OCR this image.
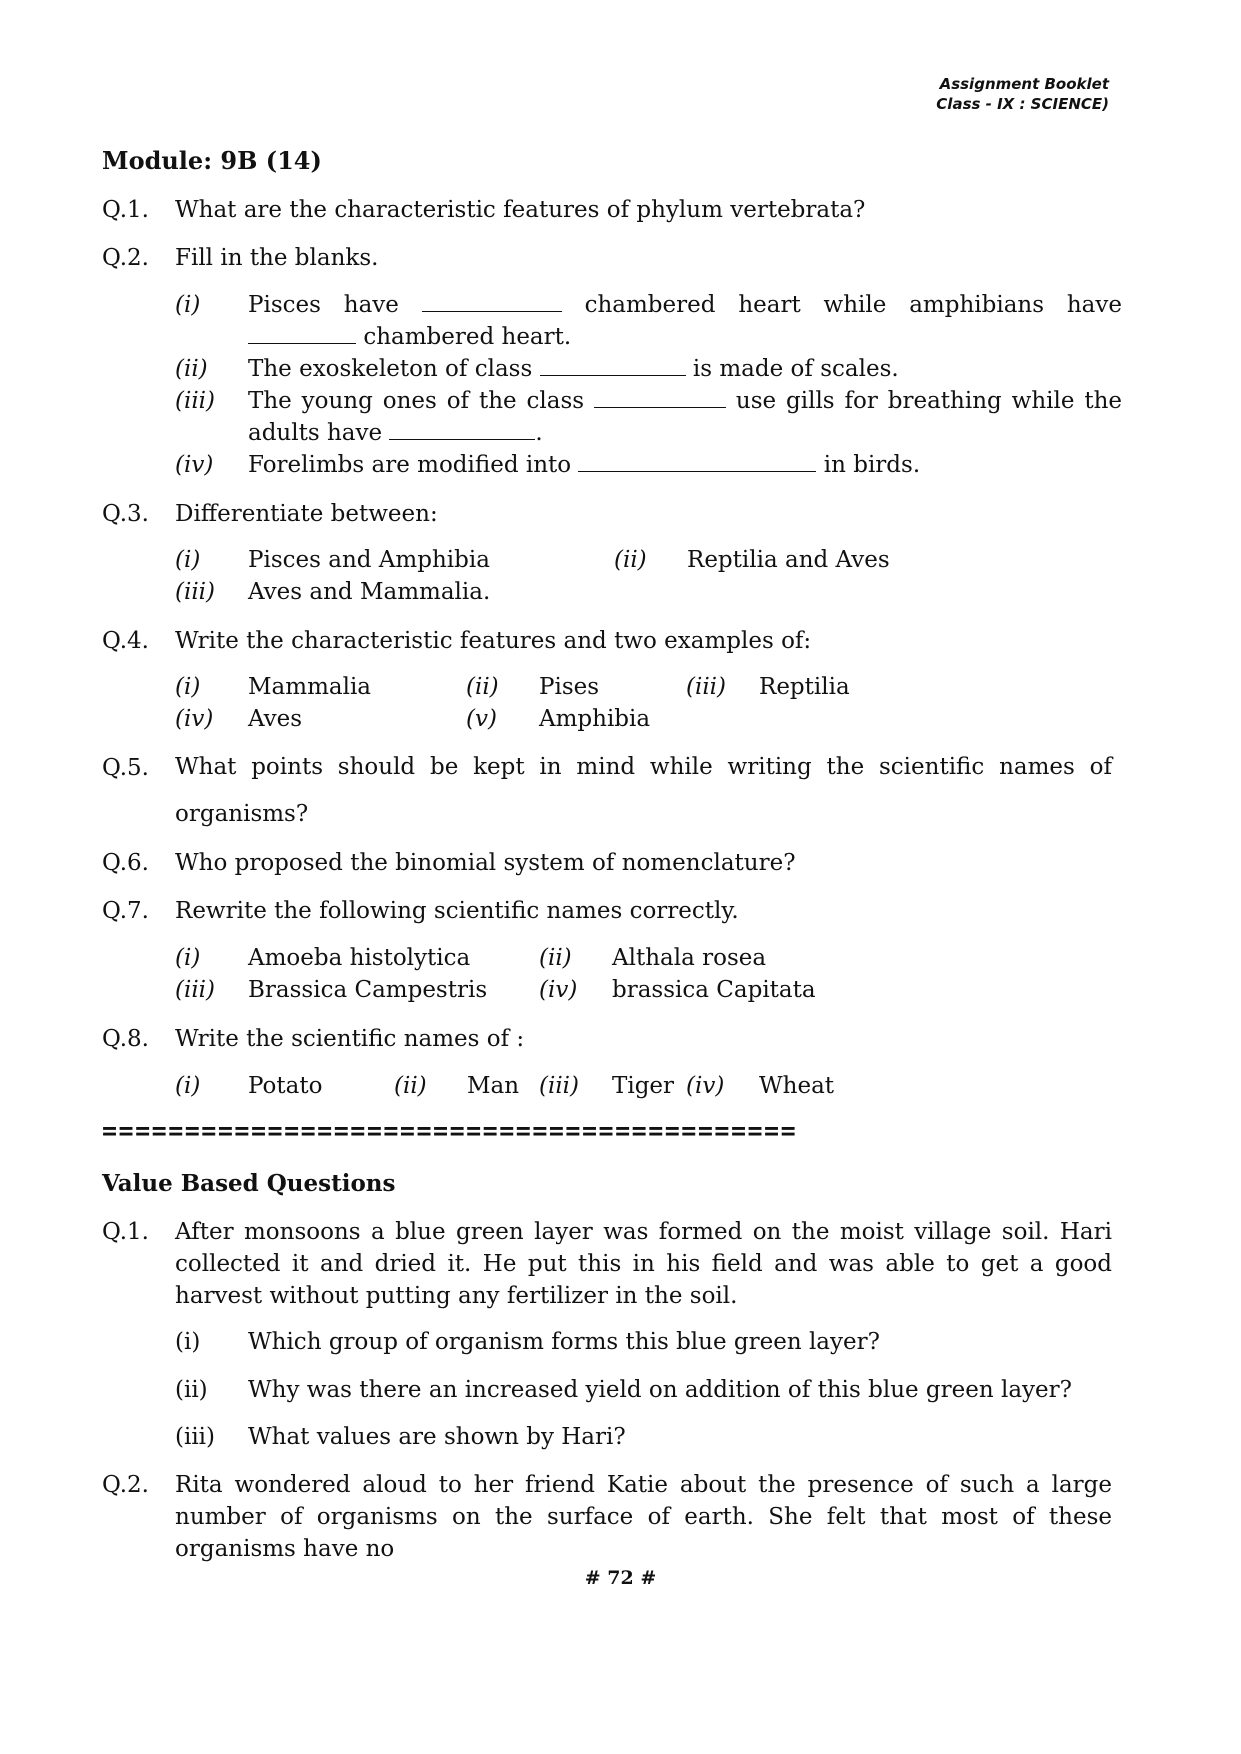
Assignment Booklet
Class - IX : SCIENCE)
Module: 9B (14)
Q.1. What are the characteristic features of phylum vertebrata?
Q.2. Fill in the blanks.
(i) Pisces have	chambered heart while amphibians have  chambered heart.
(ii) The exoskeleton of class	is made of scales.
(iii) The young ones of the class	use gills for breathing while the adults have	.
(iv) Forelimbs are modified into	in birds.
Q.3. Differentiate between:
(i) Pisces and Amphibia	(ii) Reptilia and Aves
(iii) Aves and Mammalia.
Q.4. Write the characteristic features and two examples of:
(i) Mammalia	(ii) Pises	(iii) Reptilia
(iv) Aves	(v) Amphibia
Q.5. What points should be kept in mind while writing the scientific names of organisms?
Q.6. Who proposed the binomial system of nomenclature?
Q.7. Rewrite the following scientific names correctly.
(i) Amoeba histolytica	(ii) Althala rosea
(iii) Brassica Campestris (iv) brassica Capitata
Q.8. Write the scientific names of :
(i) Potato	(ii) Man (iii) Tiger (iv) Wheat
==========================================
Value Based Questions
Q.1. After monsoons a blue green layer was formed on the moist village soil. Hari collected it and dried it. He put this in his field and was able to get a good harvest without putting any fertilizer in the soil.
(i) Which group of organism forms this blue green layer?
(ii) Why was there an increased yield on addition of this blue green layer?
(iii) What values are shown by Hari?
Q.2. Rita wondered aloud to her friend Katie about the presence of such a large number of organisms on the surface of earth. She felt that most of these organisms have no
# 72 #
